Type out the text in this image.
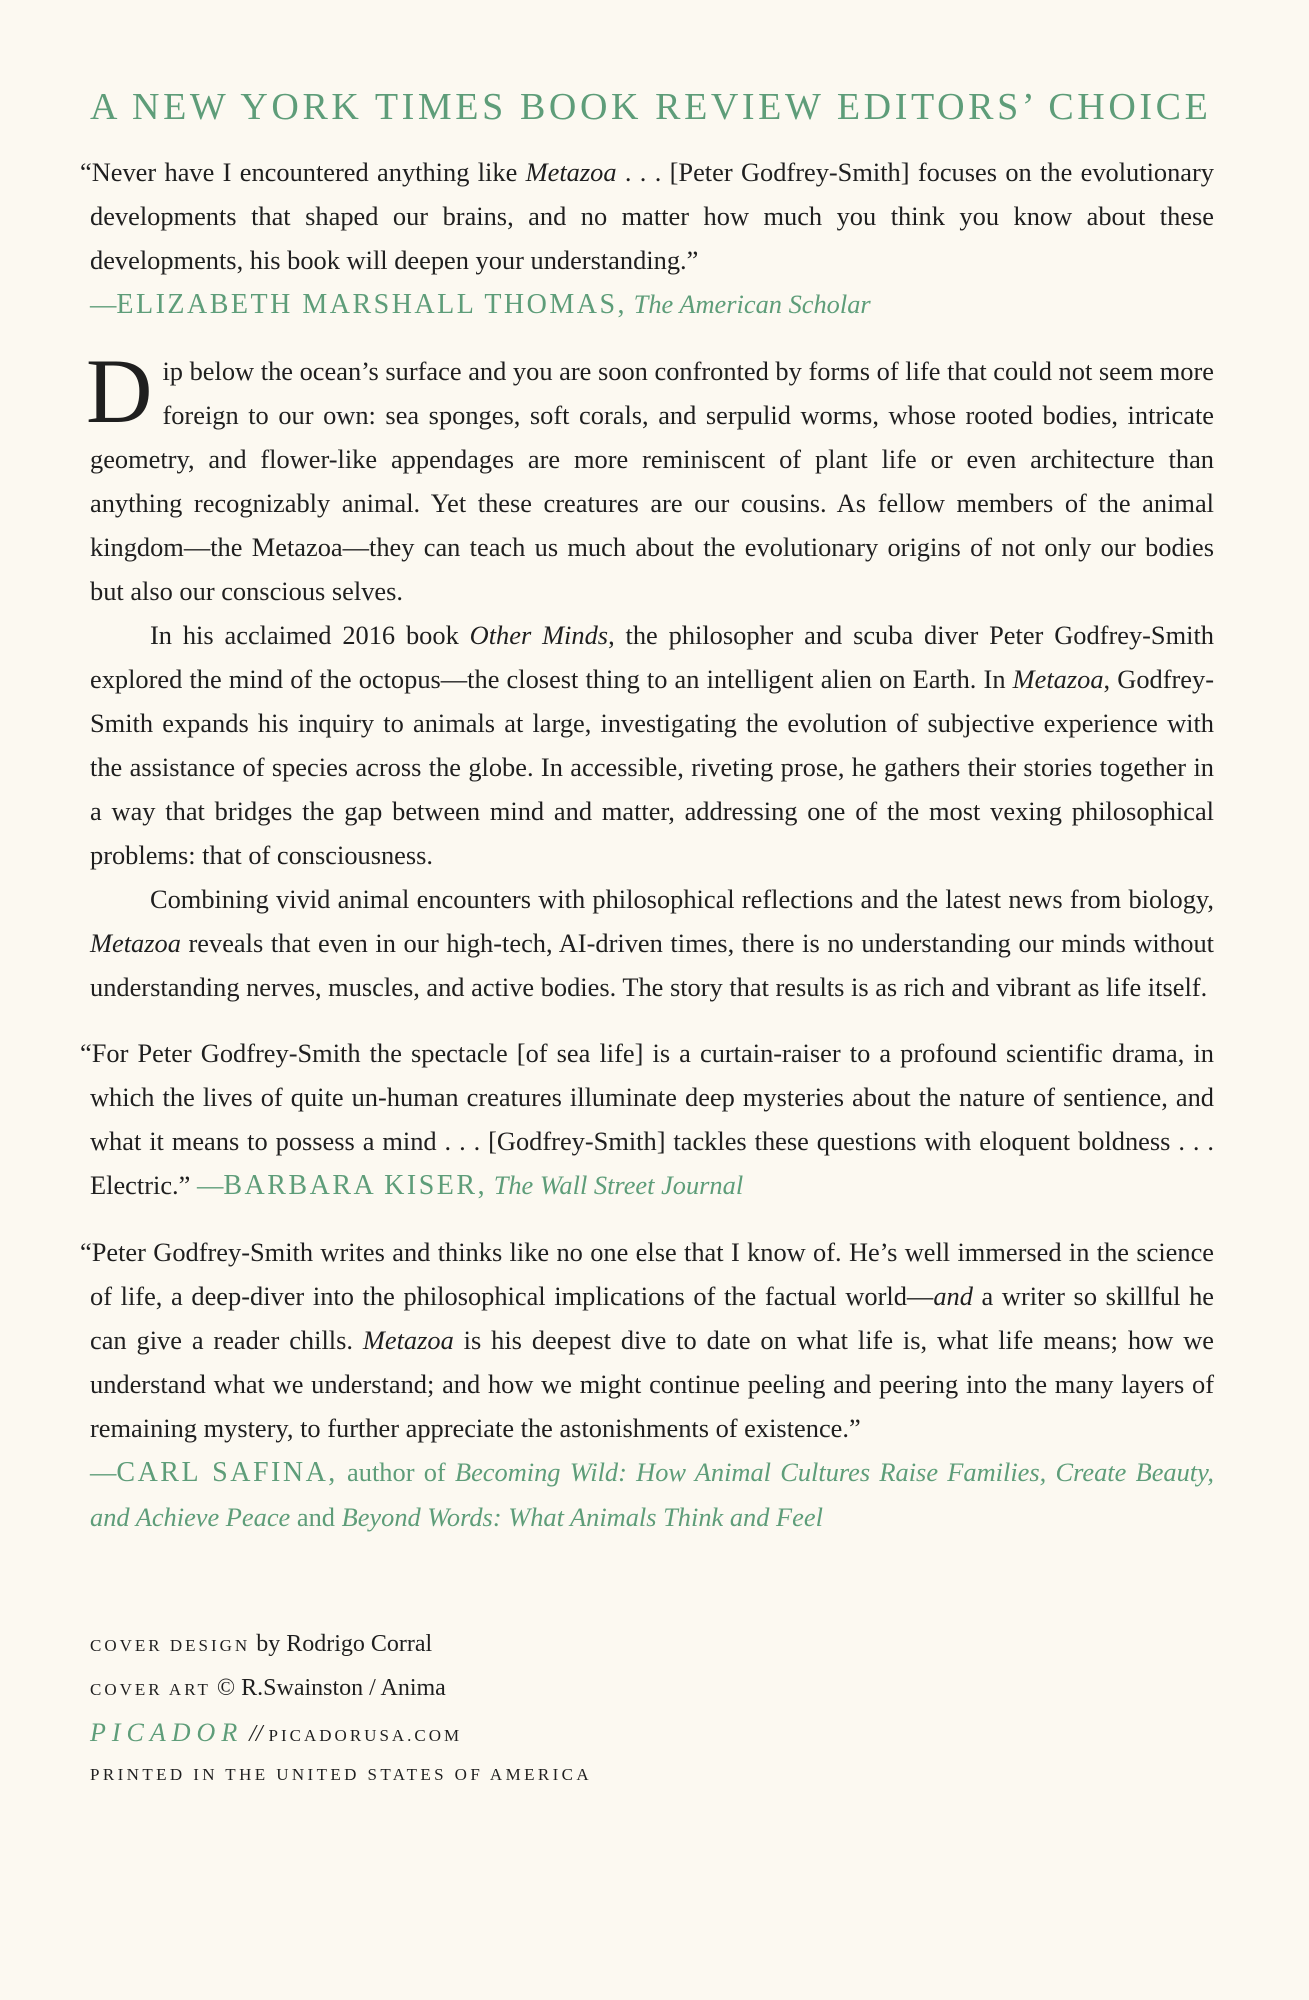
A NEW YORK TIMES BOOK REVIEW EDITORS’ CHOICE

“Never have I encountered anything like Metazoa . . . [Peter Godfrey-Smith] focuses on the evolutionary developments that shaped our brains, and no matter how much you think you know about these developments, his book will deepen your understanding.”

—ELIZABETH MARSHALL THOMAS, The American Scholar

Dip below the ocean’s surface and you are soon confronted by forms of life that could not seem more foreign to our own: sea sponges, soft corals, and serpulid worms, whose rooted bodies, intricate geometry, and flower-like appendages are more reminiscent of plant life or even architecture than anything recognizably animal. Yet these creatures are our cousins. As fellow members of the animal kingdom—the Metazoa—they can teach us much about the evolutionary origins of not only our bodies but also our conscious selves.

In his acclaimed 2016 book Other Minds, the philosopher and scuba diver Peter Godfrey-Smith explored the mind of the octopus—the closest thing to an intelligent alien on Earth. In Metazoa, Godfrey-Smith expands his inquiry to animals at large, investigating the evolution of subjective experience with the assistance of species across the globe. In accessible, riveting prose, he gathers their stories together in a way that bridges the gap between mind and matter, addressing one of the most vexing philosophical problems: that of consciousness.

Combining vivid animal encounters with philosophical reflections and the latest news from biology, Metazoa reveals that even in our high-tech, AI-driven times, there is no understanding our minds without understanding nerves, muscles, and active bodies. The story that results is as rich and vibrant as life itself.

“For Peter Godfrey-Smith the spectacle [of sea life] is a curtain-raiser to a profound scientific drama, in which the lives of quite un-human creatures illuminate deep mysteries about the nature of sentience, and what it means to possess a mind . . . [Godfrey-Smith] tackles these questions with eloquent boldness . . . Electric.” —BARBARA KISER, The Wall Street Journal

“Peter Godfrey-Smith writes and thinks like no one else that I know of. He’s well immersed in the science of life, a deep-diver into the philosophical implications of the factual world—and a writer so skillful he can give a reader chills. Metazoa is his deepest dive to date on what life is, what life means; how we understand what we understand; and how we might continue peeling and peering into the many layers of remaining mystery, to further appreciate the astonishments of existence.”

—CARL SAFINA, author of Becoming Wild: How Animal Cultures Raise Families, Create Beauty, and Achieve Peace and Beyond Words: What Animals Think and Feel

COVER DESIGN by Rodrigo Corral

COVER ART © R.Swainston / Anima

PICADOR // PICADORUSA.COM

PRINTED IN THE UNITED STATES OF AMERICA
